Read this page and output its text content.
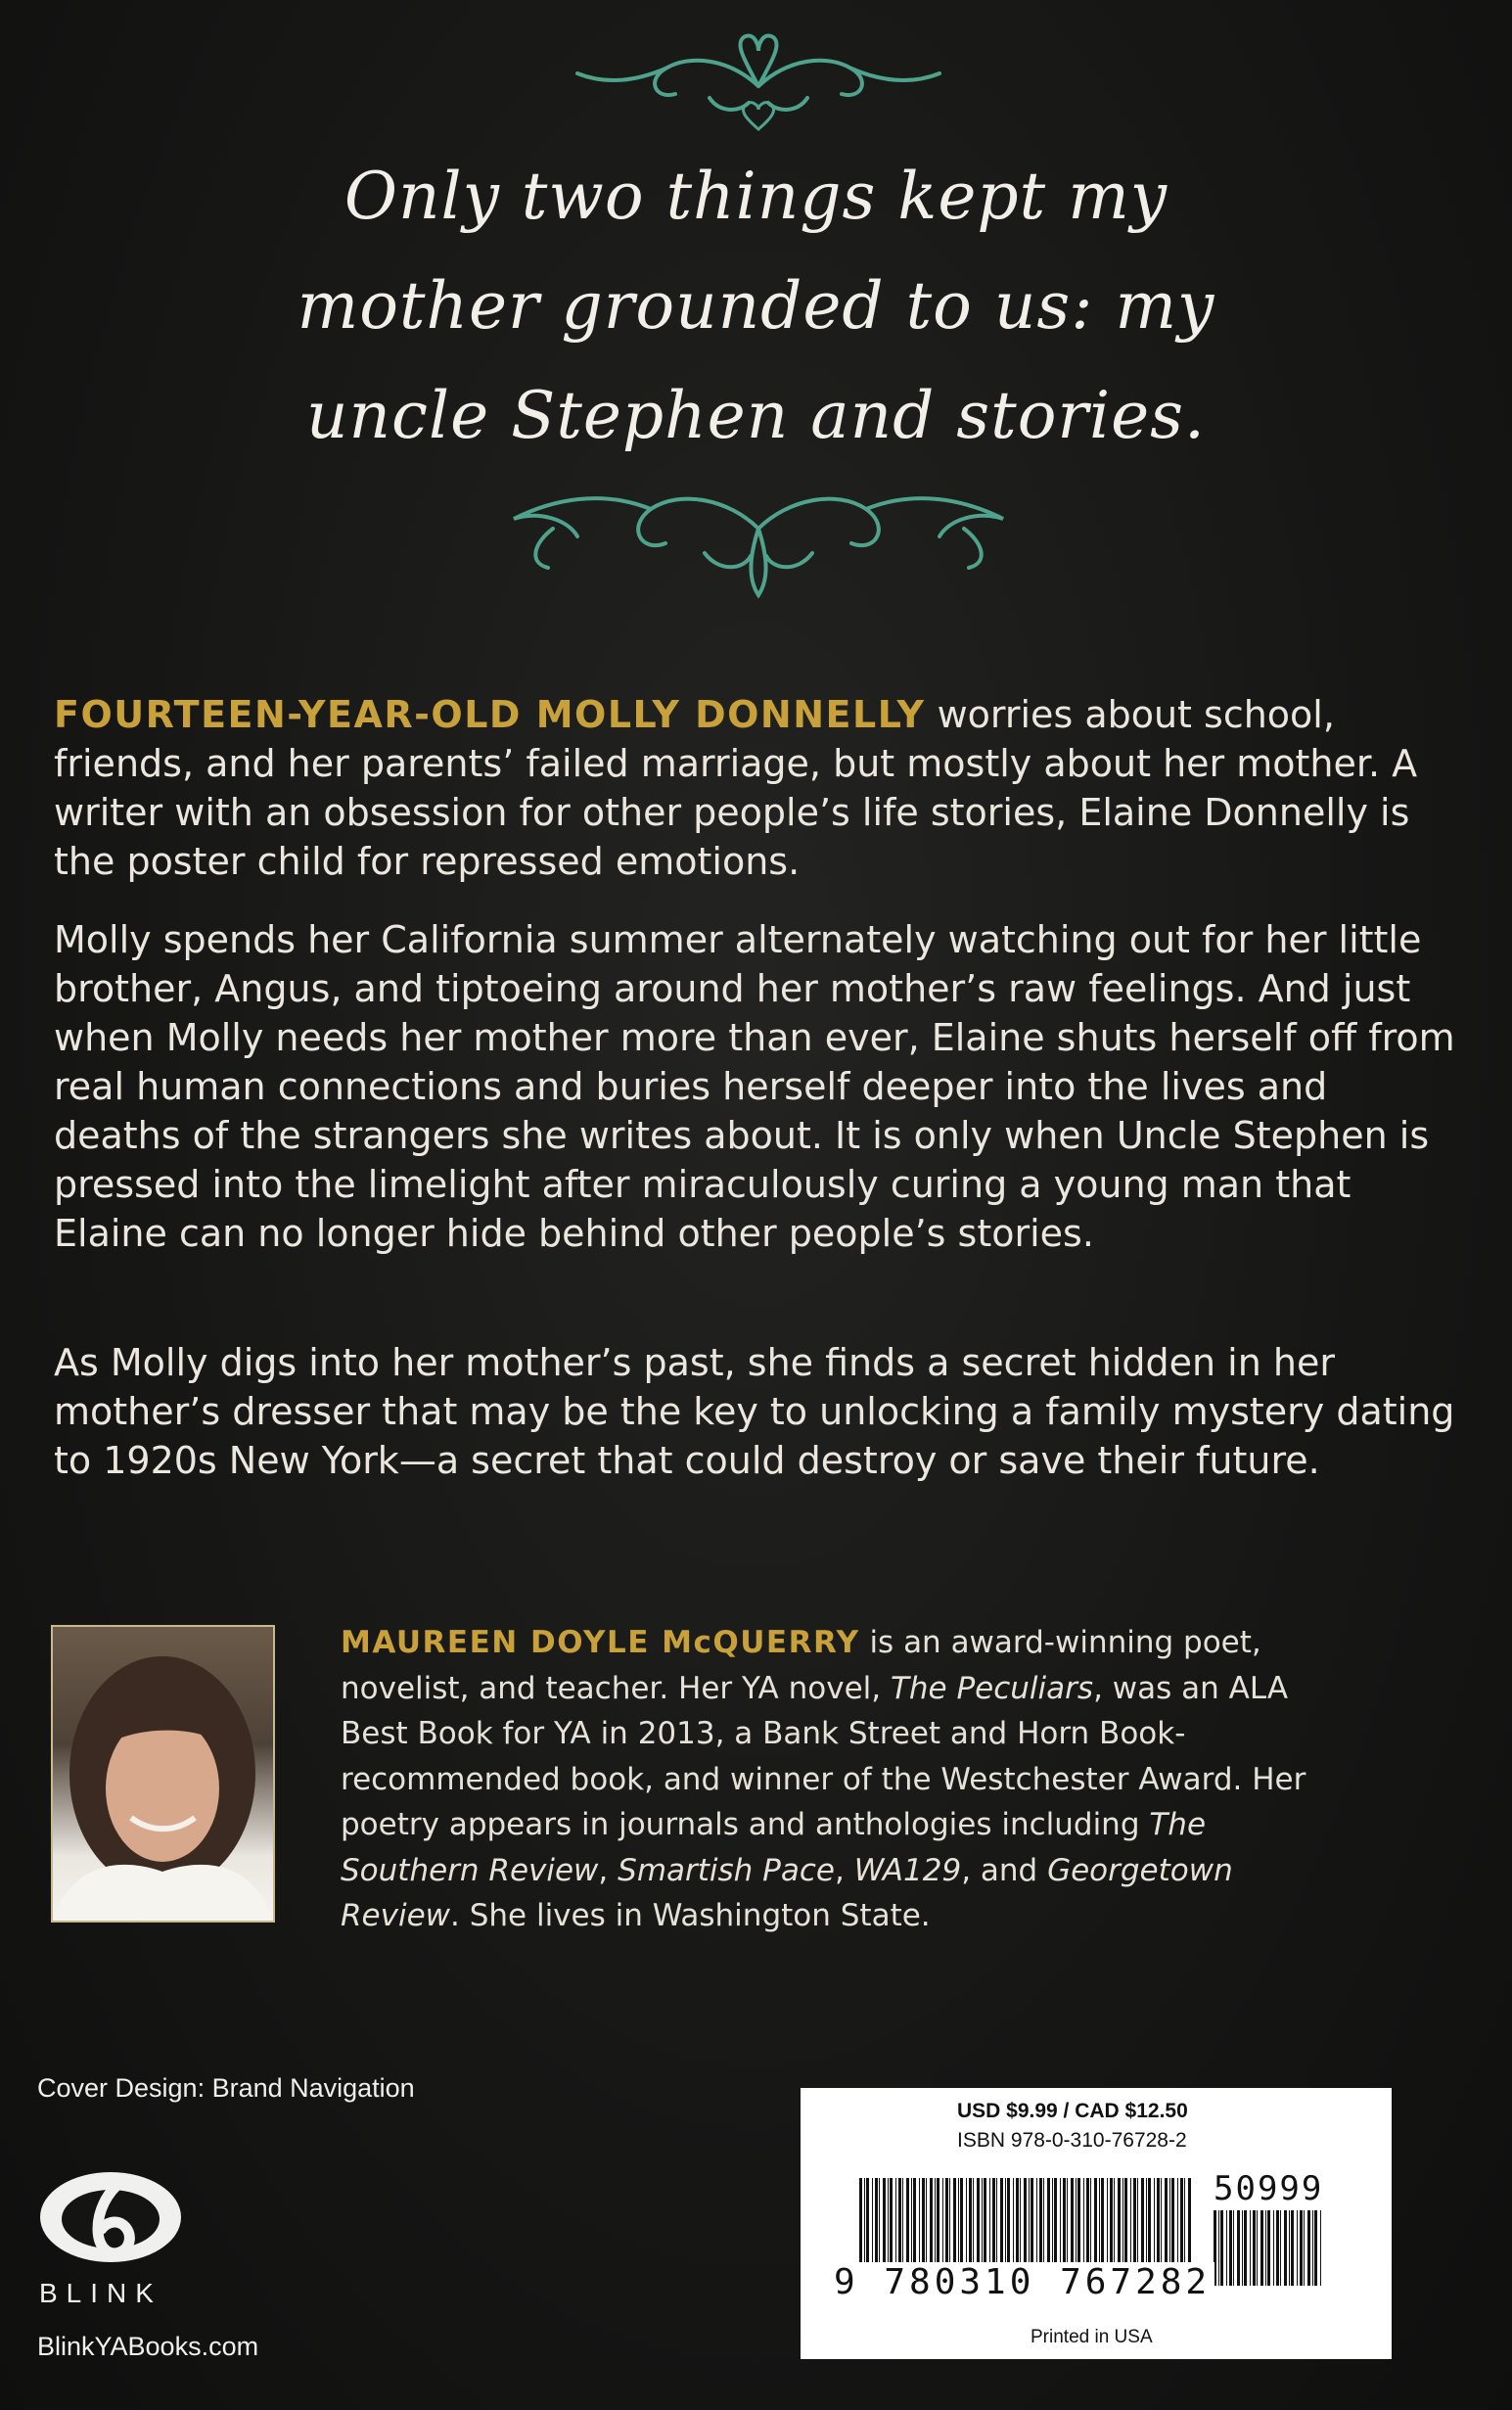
Only two things kept my
mother grounded to us: my
uncle Stephen and stories.

FOURTEEN-YEAR-OLD MOLLY DONNELLY worries about school, friends, and her parents’ failed marriage, but mostly about her mother. A writer with an obsession for other people’s life stories, Elaine Donnelly is the poster child for repressed emotions.

Molly spends her California summer alternately watching out for her little brother, Angus, and tiptoeing around her mother’s raw feelings. And just when Molly needs her mother more than ever, Elaine shuts herself off from real human connections and buries herself deeper into the lives and deaths of the strangers she writes about. It is only when Uncle Stephen is pressed into the limelight after miraculously curing a young man that Elaine can no longer hide behind other people’s stories.

As Molly digs into her mother’s past, she finds a secret hidden in her mother’s dresser that may be the key to unlocking a family mystery dating to 1920s New York—a secret that could destroy or save their future.

MAUREEN DOYLE McQUERRY is an award-winning poet, novelist, and teacher. Her YA novel, The Peculiars, was an ALA Best Book for YA in 2013, a Bank Street and Horn Book-recommended book, and winner of the Westchester Award. Her poetry appears in journals and anthologies including The Southern Review, Smartish Pace, WA129, and Georgetown Review. She lives in Washington State.

Cover Design: Brand Navigation
BLINK
BlinkYABooks.com
USD $9.99 / CAD $12.50
ISBN 978-0-310-76728-2
50999
9 780310 767282
Printed in USA
